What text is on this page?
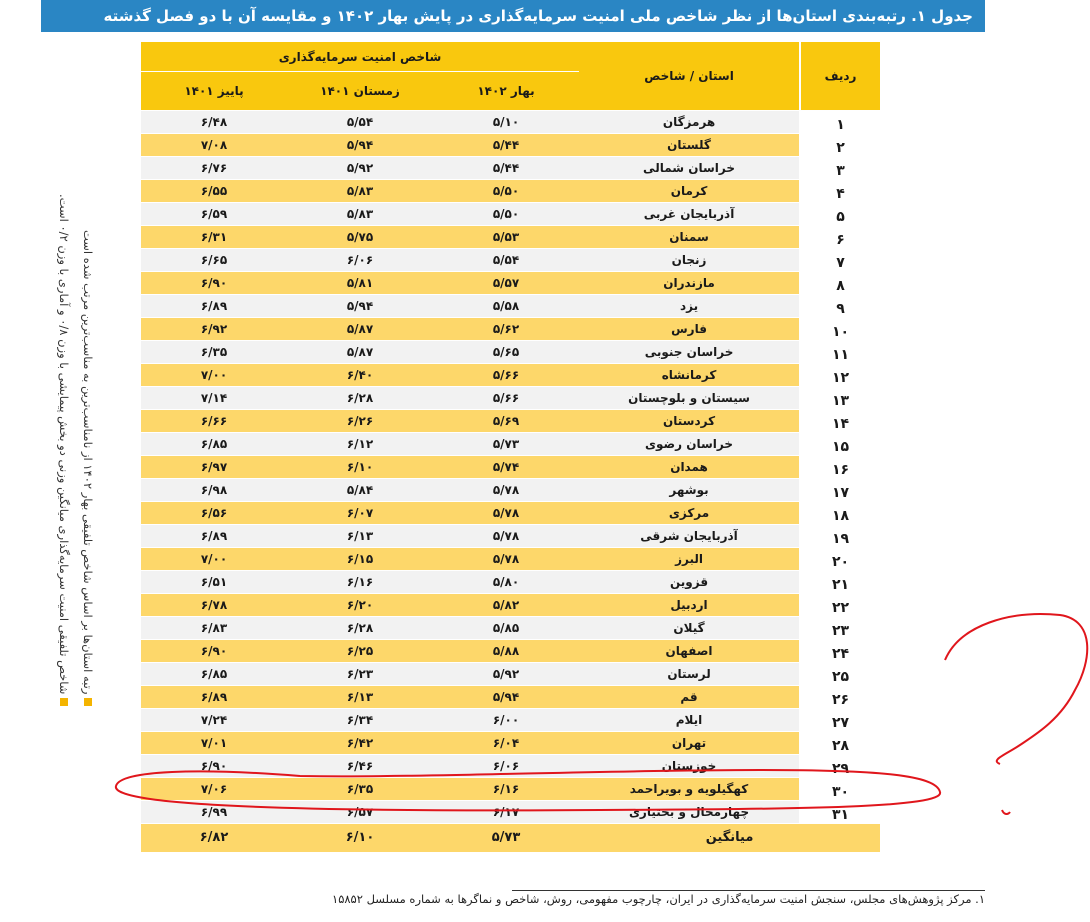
جدول ۱. رتبه‌بندی استان‌ها از نظر شاخص ملی امنیت سرمایه‌گذاری در پایش بهار ۱۴۰۲ و مقایسه آن با دو فصل گذشته
شاخص امنیت سرمایه‌گذاری			استان / شاخص		ردیف
پاییز ۱۴۰۱	زمستان ۱۴۰۱	بهار ۱۴۰۲			
۶/۴۸	۵/۵۴	۵/۱۰	هرمزگان		۱
۷/۰۸	۵/۹۴	۵/۴۴	گلستان		۲
۶/۷۶	۵/۹۲	۵/۴۴	خراسان شمالی		۳
۶/۵۵	۵/۸۳	۵/۵۰	کرمان		۴
۶/۵۹	۵/۸۳	۵/۵۰	آذربایجان غربی		۵
۶/۳۱	۵/۷۵	۵/۵۳	سمنان		۶
۶/۶۵	۶/۰۶	۵/۵۴	زنجان		۷
۶/۹۰	۵/۸۱	۵/۵۷	مازندران		۸
۶/۸۹	۵/۹۴	۵/۵۸	یزد		۹
۶/۹۲	۵/۸۷	۵/۶۲	فارس		۱۰
۶/۳۵	۵/۸۷	۵/۶۵	خراسان جنوبی		۱۱
۷/۰۰	۶/۴۰	۵/۶۶	کرمانشاه		۱۲
۷/۱۴	۶/۲۸	۵/۶۶	سیستان و بلوچستان		۱۳
۶/۶۶	۶/۲۶	۵/۶۹	کردستان		۱۴
۶/۸۵	۶/۱۲	۵/۷۳	خراسان رضوی		۱۵
۶/۹۷	۶/۱۰	۵/۷۴	همدان		۱۶
۶/۹۸	۵/۸۴	۵/۷۸	بوشهر		۱۷
۶/۵۶	۶/۰۷	۵/۷۸	مرکزی		۱۸
۶/۸۹	۶/۱۳	۵/۷۸	آذربایجان شرقی		۱۹
۷/۰۰	۶/۱۵	۵/۷۸	البرز		۲۰
۶/۵۱	۶/۱۶	۵/۸۰	قزوین		۲۱
۶/۷۸	۶/۲۰	۵/۸۲	اردبیل		۲۲
۶/۸۳	۶/۲۸	۵/۸۵	گیلان		۲۳
۶/۹۰	۶/۲۵	۵/۸۸	اصفهان		۲۴
۶/۸۵	۶/۲۳	۵/۹۲	لرستان		۲۵
۶/۸۹	۶/۱۳	۵/۹۴	قم		۲۶
۷/۲۴	۶/۳۴	۶/۰۰	ایلام		۲۷
۷/۰۱	۶/۴۲	۶/۰۴	تهران		۲۸
۶/۹۰	۶/۴۶	۶/۰۶	خوزستان		۲۹
۷/۰۶	۶/۳۵	۶/۱۶	کهگیلویه و بویراحمد		۳۰
۶/۹۹	۶/۵۷	۶/۱۷	چهارمحال و بختیاری		۳۱
۶/۸۲	۶/۱۰	۵/۷۳	میانگین		
رتبه استان‌ها بر اساس شاخص تلفیقی بهار ۱۴۰۲ از نامناسب‌ترین به مناسب‌ترین مرتب شده است
شاخص تلفیقی امنیت سرمایه‌گذاری میانگین وزنی دو بخش پیمایشی با وزن ۰/۸ و آماری با وزن ۰/۲ است.
۱. مرکز پژوهش‌های مجلس، سنجش امنیت سرمایه‌گذاری در ایران، چارچوب مفهومی، روش، شاخص و نماگرها به شماره مسلسل ۱۵۸۵۲
